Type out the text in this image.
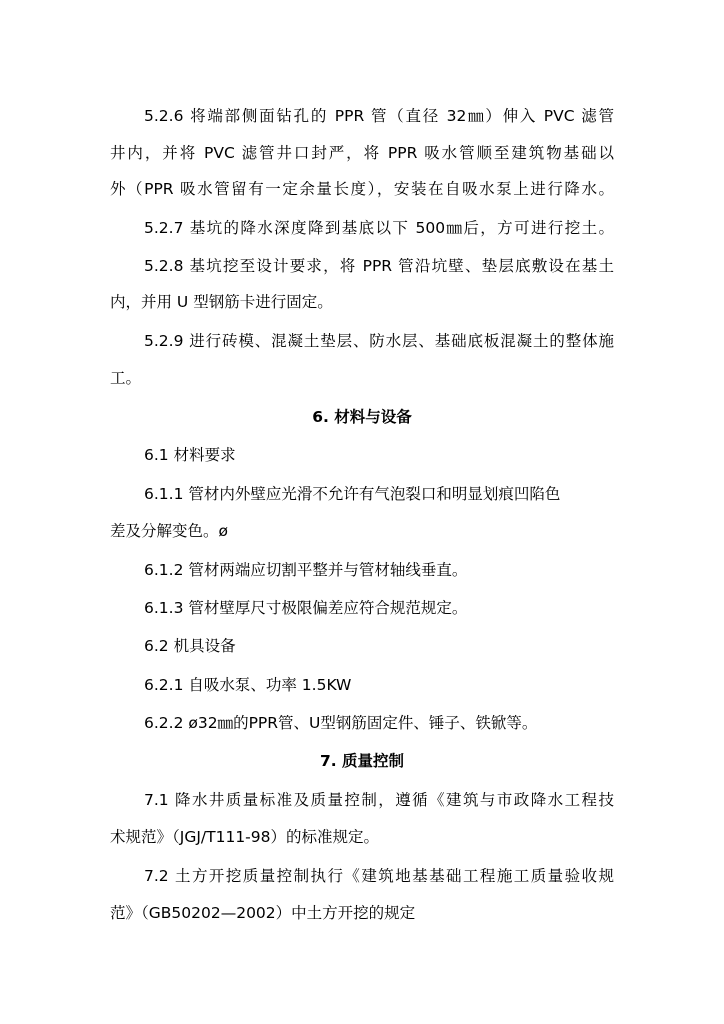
5.2.6 将端部侧面钻孔的 PPR 管（直径 32㎜）伸入 PVC 滤管
井内，并将 PVC 滤管井口封严，将 PPR 吸水管顺至建筑物基础以
外（PPR 吸水管留有一定余量长度），安装在自吸水泵上进行降水。
5.2.7 基坑的降水深度降到基底以下 500㎜后，方可进行挖土。
5.2.8 基坑挖至设计要求，将 PPR 管沿坑壁、垫层底敷设在基土
内，并用 U 型钢筋卡进行固定。
5.2.9 进行砖模、混凝土垫层、防水层、基础底板混凝土的整体施
工。
6. 材料与设备
6.1 材料要求
6.1.1 管材内外壁应光滑不允许有气泡裂口和明显划痕凹陷色
差及分解变色。ø
6.1.2 管材两端应切割平整并与管材轴线垂直。
6.1.3 管材壁厚尺寸极限偏差应符合规范规定。
6.2 机具设备
6.2.1 自吸水泵、功率 1.5KW
6.2.2 ø32㎜的PPR管、U型钢筋固定件、锤子、铁锨等。
7. 质量控制
7.1 降水井质量标准及质量控制，遵循《建筑与市政降水工程技
术规范》（JGJ/T111-98）的标准规定。
7.2 土方开挖质量控制执行《建筑地基基础工程施工质量验收规
范》（GB50202—2002）中土方开挖的规定
